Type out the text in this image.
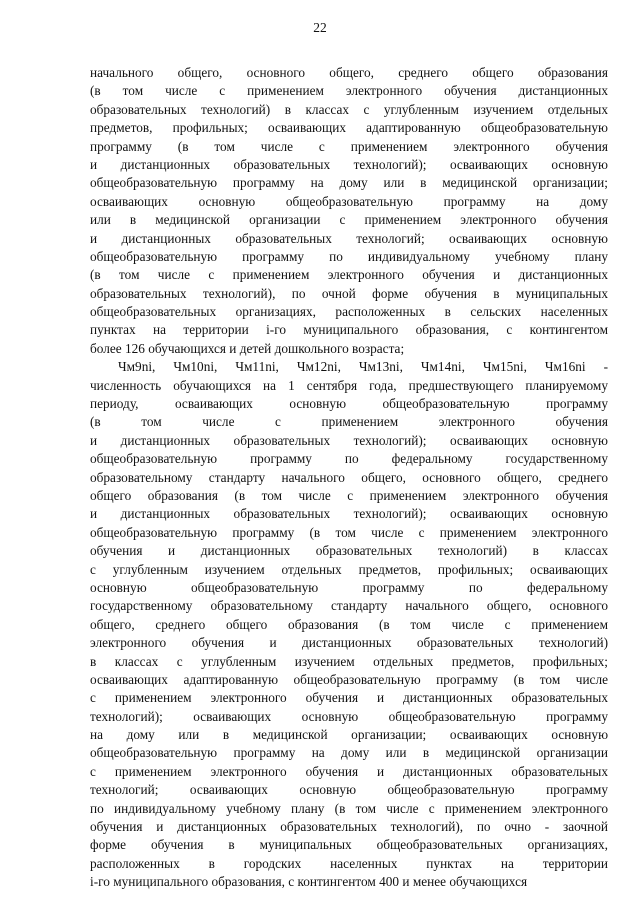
22
начального общего, основного общего, среднего общего образования
(в том числе с применением электронного обучения дистанционных
образовательных технологий) в классах с углубленным изучением отдельных
предметов, профильных; осваивающих адаптированную общеобразовательную
программу (в том числе с применением электронного обучения
и дистанционных образовательных технологий); осваивающих основную
общеобразовательную программу на дому или в медицинской организации;
осваивающих основную общеобразовательную программу на дому
или в медицинской организации с применением электронного обучения
и дистанционных образовательных технологий; осваивающих основную
общеобразовательную программу по индивидуальному учебному плану
(в том числе с применением электронного обучения и дистанционных
образовательных технологий), по очной форме обучения в муниципальных
общеобразовательных организациях, расположенных в сельских населенных
пунктах на территории i-го муниципального образования, с контингентом
более 126 обучающихся и детей дошкольного возраста;
Чм9ni, Чм10ni, Чм11ni, Чм12ni, Чм13ni, Чм14ni, Чм15ni, Чм16ni -
численность обучающихся на 1 сентября года, предшествующего планируемому
периоду, осваивающих основную общеобразовательную программу
(в том числе с применением электронного обучения
и дистанционных образовательных технологий); осваивающих основную
общеобразовательную программу по федеральному государственному
образовательному стандарту начального общего, основного общего, среднего
общего образования (в том числе с применением электронного обучения
и дистанционных образовательных технологий); осваивающих основную
общеобразовательную программу (в том числе с применением электронного
обучения и дистанционных образовательных технологий) в классах
с углубленным изучением отдельных предметов, профильных; осваивающих
основную общеобразовательную программу по федеральному
государственному образовательному стандарту начального общего, основного
общего, среднего общего образования (в том числе с применением
электронного обучения и дистанционных образовательных технологий)
в классах с углубленным изучением отдельных предметов, профильных;
осваивающих адаптированную общеобразовательную программу (в том числе
с применением электронного обучения и дистанционных образовательных
технологий); осваивающих основную общеобразовательную программу
на дому или в медицинской организации; осваивающих основную
общеобразовательную программу на дому или в медицинской организации
с применением электронного обучения и дистанционных образовательных
технологий; осваивающих основную общеобразовательную программу
по индивидуальному учебному плану (в том числе с применением электронного
обучения и дистанционных образовательных технологий), по очно - заочной
форме обучения в муниципальных общеобразовательных организациях,
расположенных в городских населенных пунктах на территории
i-го муниципального образования, с контингентом 400 и менее обучающихся
